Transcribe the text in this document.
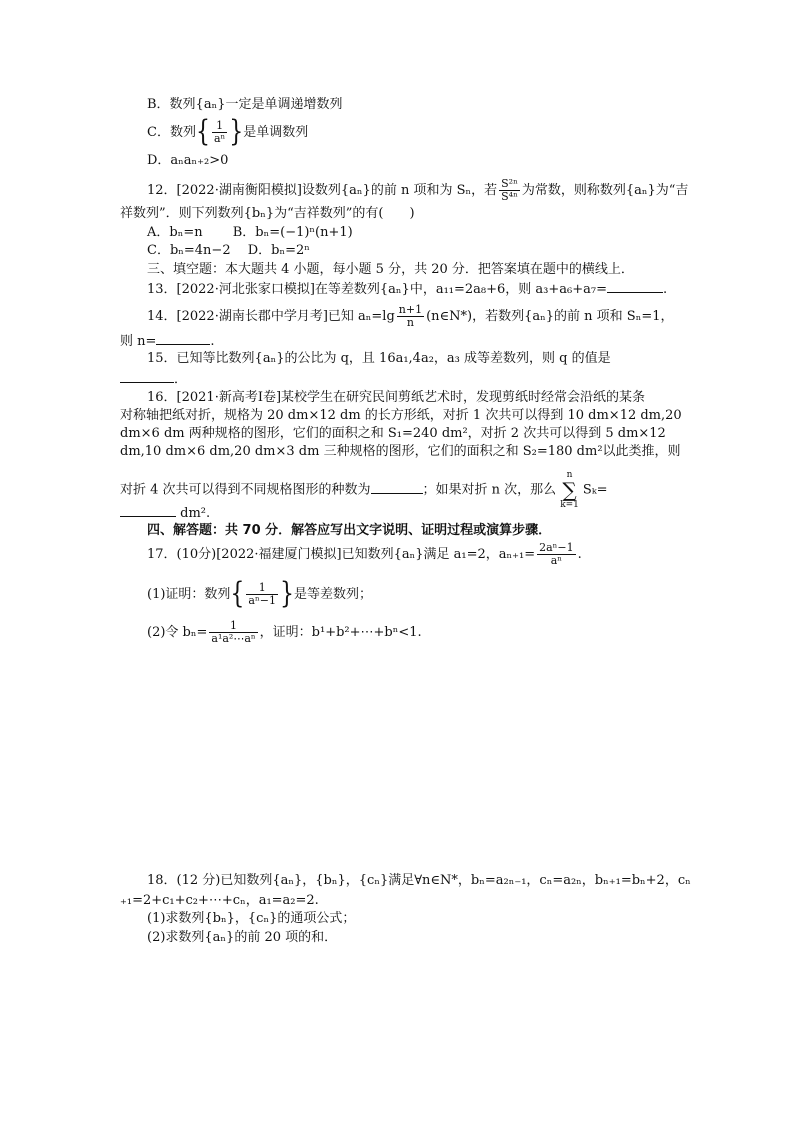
B．数列{aₙ}一定是单调递增数列
C．数列{ $\frac{1}{\text{aⁿ}}$ }是单调数列
D．aₙaₙ₊₂>0
12．[2022·湖南衡阳模拟]设数列{aₙ}的前 n 项和为 Sₙ，若 $\frac{\text{S²ⁿ}}{\text{S⁴ⁿ}}$ 为常数，则称数列{aₙ}为“吉
祥数列”．则下列数列{bₙ}为“吉祥数列”的有(　　)
A．bₙ=n　　 B．bₙ=(−1)ⁿ(n+1)
C．bₙ=4n−2　 D．bₙ=2ⁿ
三、填空题：本大题共 4 小题，每小题 5 分，共 20 分．把答案填在题中的横线上．
13．[2022·河北张家口模拟]在等差数列{aₙ}中，a₁₁=2a₈+6，则 a₃+a₆+a₇=	.
14．[2022·湖南长郡中学月考]已知 $a_n=\lg \frac{n+1}{n}$ (n∈N*)，若数列{aₙ}的前 n 项和 Sₙ=1，
则 n=	.
15．已知等比数列{aₙ}的公比为 q，且 16a₁,4a₂，a₃ 成等差数列，则 q 的值是
．
16．[2021·新高考Ⅰ卷]某校学生在研究民间剪纸艺术时，发现剪纸时经常会沿纸的某条
对称轴把纸对折，规格为 20 dm×12 dm 的长方形纸，对折 1 次共可以得到 10 dm×12 dm,20
dm×6 dm 两种规格的图形，它们的面积之和 S₁=240 dm²，对折 2 次共可以得到 5 dm×12
dm,10 dm×6 dm,20 dm×3 dm 三种规格的图形，它们的面积之和 S₂=180 dm²以此类推，则
对折 4 次共可以得到不同规格图形的种数为	；如果对折 n 次，那么n
∑
k=1Sₖ=
dm².
四、解答题：共 70 分．解答应写出文字说明、证明过程或演算步骤．
17．(10分)[2022·福建厦门模拟]已知数列{aₙ}满足 a₁=2，$a_{n+1}= \frac{\text{2aⁿ−1}}{\text{aⁿ}}$ .
(1)证明：数列{ $\frac{1}{\text{aⁿ−1}}$ }是等差数列；
(2)令 $b_n= \frac{1}{\text{a¹a²⋯aⁿ}}$ ，证明：b¹+b²+⋯+bⁿ<1.
18．(12 分)已知数列{aₙ}，{bₙ}，{cₙ}满足∀n∈N*，bₙ=a₂ₙ₋₁，cₙ=a₂ₙ，bₙ₊₁=bₙ+2，cₙ
₊₁=2+c₁+c₂+⋯+cₙ，a₁=a₂=2.
(1)求数列{bₙ}，{cₙ}的通项公式；
(2)求数列{aₙ}的前 20 项的和．
